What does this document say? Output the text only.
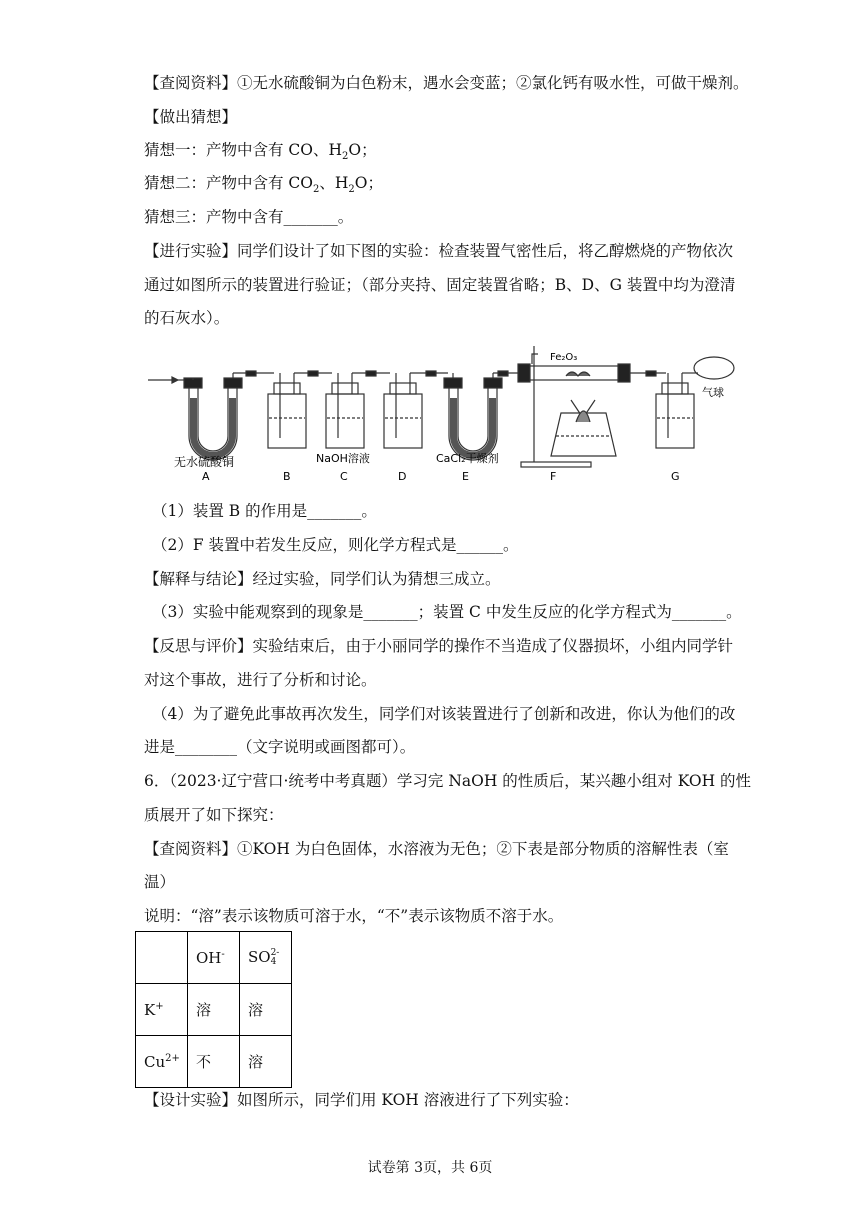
【查阅资料】①无水硫酸铜为白色粉末，遇水会变蓝；②氯化钙有吸水性，可做干燥剂。
【做出猜想】
猜想一：产物中含有 CO、$H_2O$；
猜想二：产物中含有 $CO_2$、$H_2O$；
猜想三：产物中含有_______。
【进行实验】同学们设计了如下图的实验：检查装置气密性后，将乙醇燃烧的产物依次
通过如图所示的装置进行验证；（部分夹持、固定装置省略；B、D、G 装置中均为澄清
的石灰水）。
Fe₂O₃
气球
无水硫酸铜	NaOH溶液	CaCl₂干燥剂
A	B	C	D	E	F	G
（1）装置 B 的作用是_______。
（2）F 装置中若发生反应，则化学方程式是______。
【解释与结论】经过实验，同学们认为猜想三成立。
（3）实验中能观察到的现象是_______；装置 C 中发生反应的化学方程式为_______。
【反思与评价】实验结束后，由于小丽同学的操作不当造成了仪器损坏，小组内同学针
对这个事故，进行了分析和讨论。
（4）为了避免此事故再次发生，同学们对该装置进行了创新和改进，你认为他们的改
进是________（文字说明或画图都可）。
6．（2023·辽宁营口·统考中考真题）学习完 NaOH 的性质后，某兴趣小组对 KOH 的性
质展开了如下探究：
【查阅资料】①KOH 为白色固体，水溶液为无色；②下表是部分物质的溶解性表（室
温）
说明：“溶”表示该物质可溶于水，“不”表示该物质不溶于水。
	OH-	SO 2-
4

K+	溶	溶
$Cu^{2+}$	不	溶
【设计实验】如图所示，同学们用 KOH 溶液进行了下列实验：
试卷第 3页，共 6页
